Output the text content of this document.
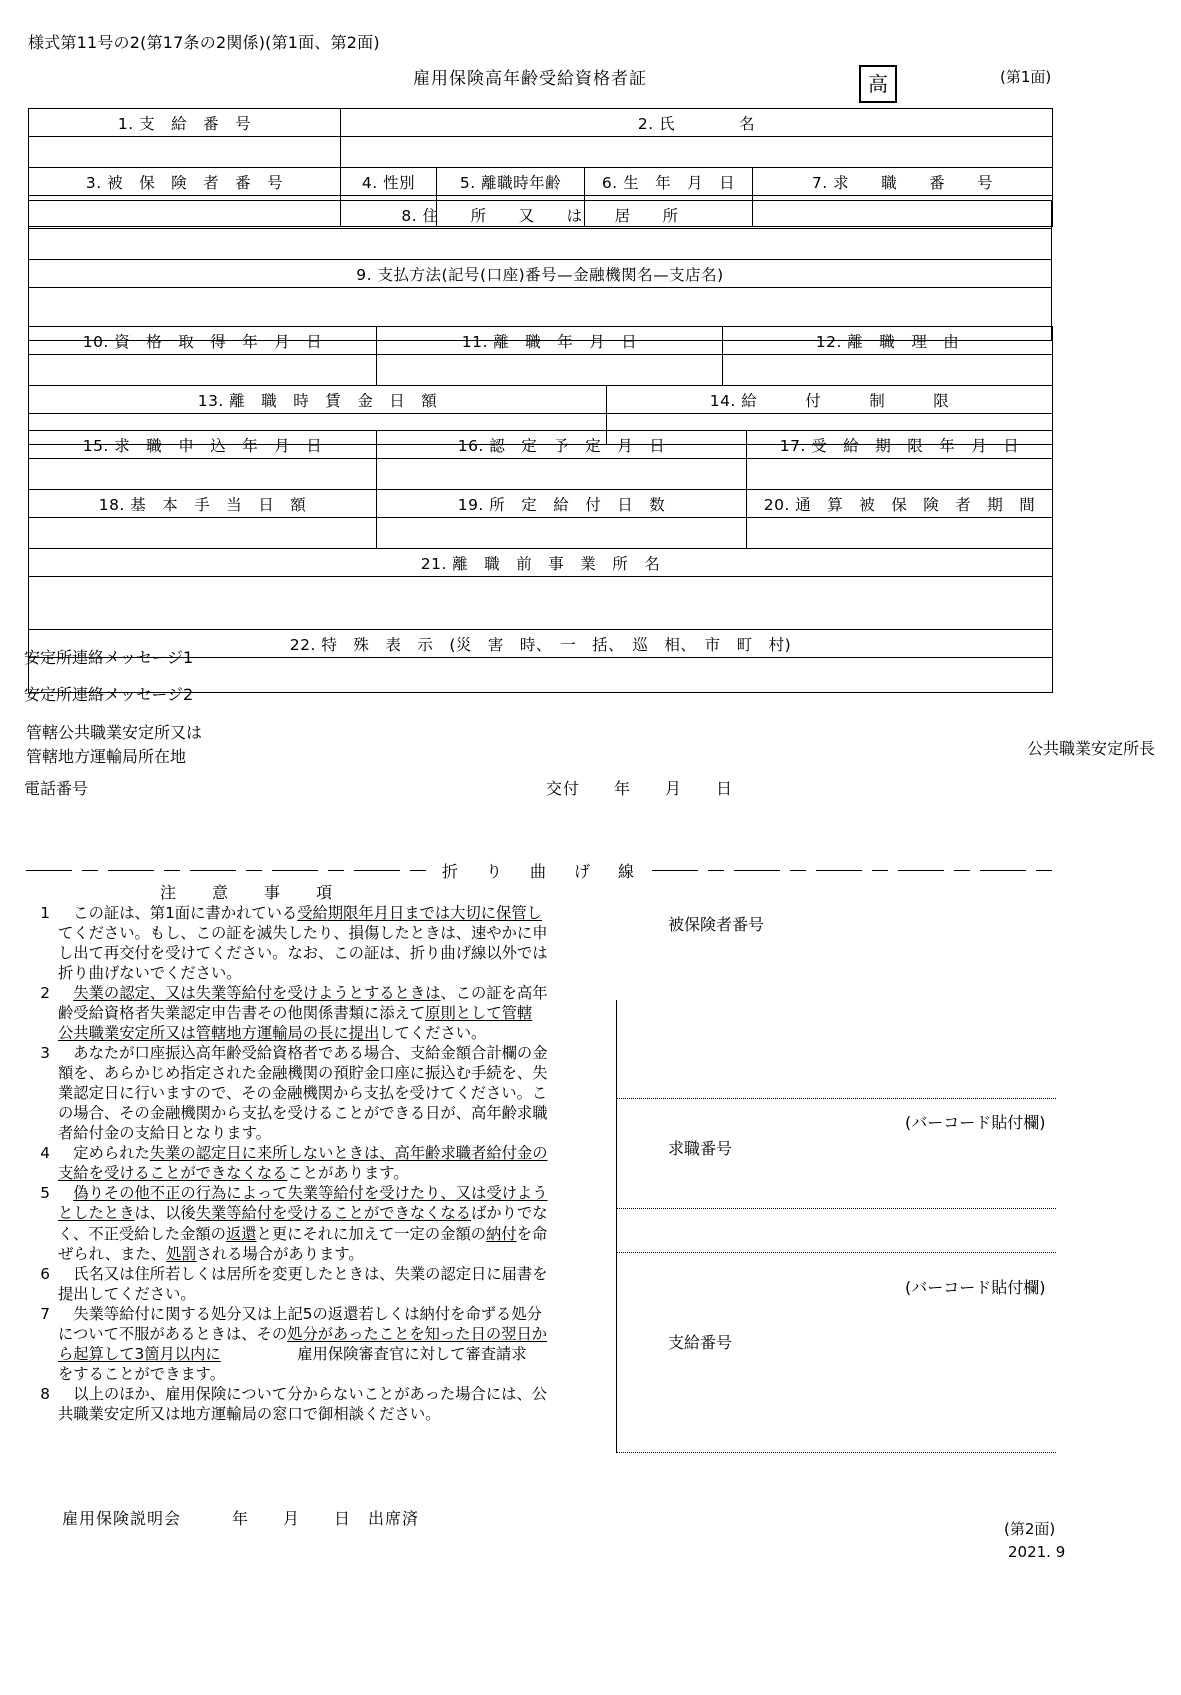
様式第11号の2(第17条の2関係)(第1面、第2面)
雇用保険高年齢受給資格者証	高	(第1面)
1. 支　給　番　号	2. 氏　　　　名			

3. 被　保　険　者　番　号	4. 性別	5. 離職時年齢	6. 生　年　月　日	7. 求　　職　　番　　号

8. 住　　所　　又　　は　　居　　所

9. 支払方法(記号(口座)番号—金融機関名—支店名)

10. 資　格　取　得　年　月　日	11. 離　職　年　月　日		12. 離　職　理　由

13. 離　職　時　賃　金　日　額		14. 給　　　付　　　制　　　限	

15. 求　職　申　込　年　月　日	16. 認　定　予　定　月　日	17. 受　給　期　限　年　月　日

18. 基　本　手　当　日　額	19. 所　定　給　付　日　数	20. 通　算　被　保　険　者　期　間

21. 離　職　前　事　業　所　名		

22. 特　殊　表　示　(災　害　時、　一　括、　巡　相、　市　町　村)		

安定所連絡メッセージ1
安定所連絡メッセージ2
管轄公共職業安定所又は
管轄地方運輸局所在地	公共職業安定所長
電話番号	交付　　年　　月　　日
折　り　曲　げ　線
注　意　事　項
1	この証は、第1面に書かれている受給期限年月日までは大切に保管し
てください。もし、この証を滅失したり、損傷したときは、速やかに申
し出て再交付を受けてください。なお、この証は、折り曲げ線以外では
折り曲げないでください。
2	失業の認定、又は失業等給付を受けようとするときは、この証を高年
齢受給資格者失業認定申告書その他関係書類に添えて原則として管轄
公共職業安定所又は管轄地方運輸局の長に提出してください。
3	あなたが口座振込高年齢受給資格者である場合、支給金額合計欄の金
額を、あらかじめ指定された金融機関の預貯金口座に振込む手続を、失
業認定日に行いますので、その金融機関から支払を受けてください。こ
の場合、その金融機関から支払を受けることができる日が、高年齢求職
者給付金の支給日となります。
4	定められた失業の認定日に来所しないときは、高年齢求職者給付金の
支給を受けることができなくなることがあります。
5	偽りその他不正の行為によって失業等給付を受けたり、又は受けよう
としたときは、以後失業等給付を受けることができなくなるばかりでな
く、不正受給した金額の返還と更にそれに加えて一定の金額の納付を命
ぜられ、また、処罰される場合があります。
6	氏名又は住所若しくは居所を変更したときは、失業の認定日に届書を
提出してください。
7	失業等給付に関する処分又は上記5の返還若しくは納付を命ずる処分
について不服があるときは、その処分があったことを知った日の翌日か
ら起算して3箇月以内に　　　　　雇用保険審査官に対して審査請求
をすることができます。
8	以上のほか、雇用保険について分からないことがあった場合には、公
共職業安定所又は地方運輸局の窓口で御相談ください。
被保険者番号
(バーコード貼付欄)
求職番号
(バーコード貼付欄)
支給番号
雇用保険説明会　　　年　　月　　日　出席済
(第2面)
2021. 9
